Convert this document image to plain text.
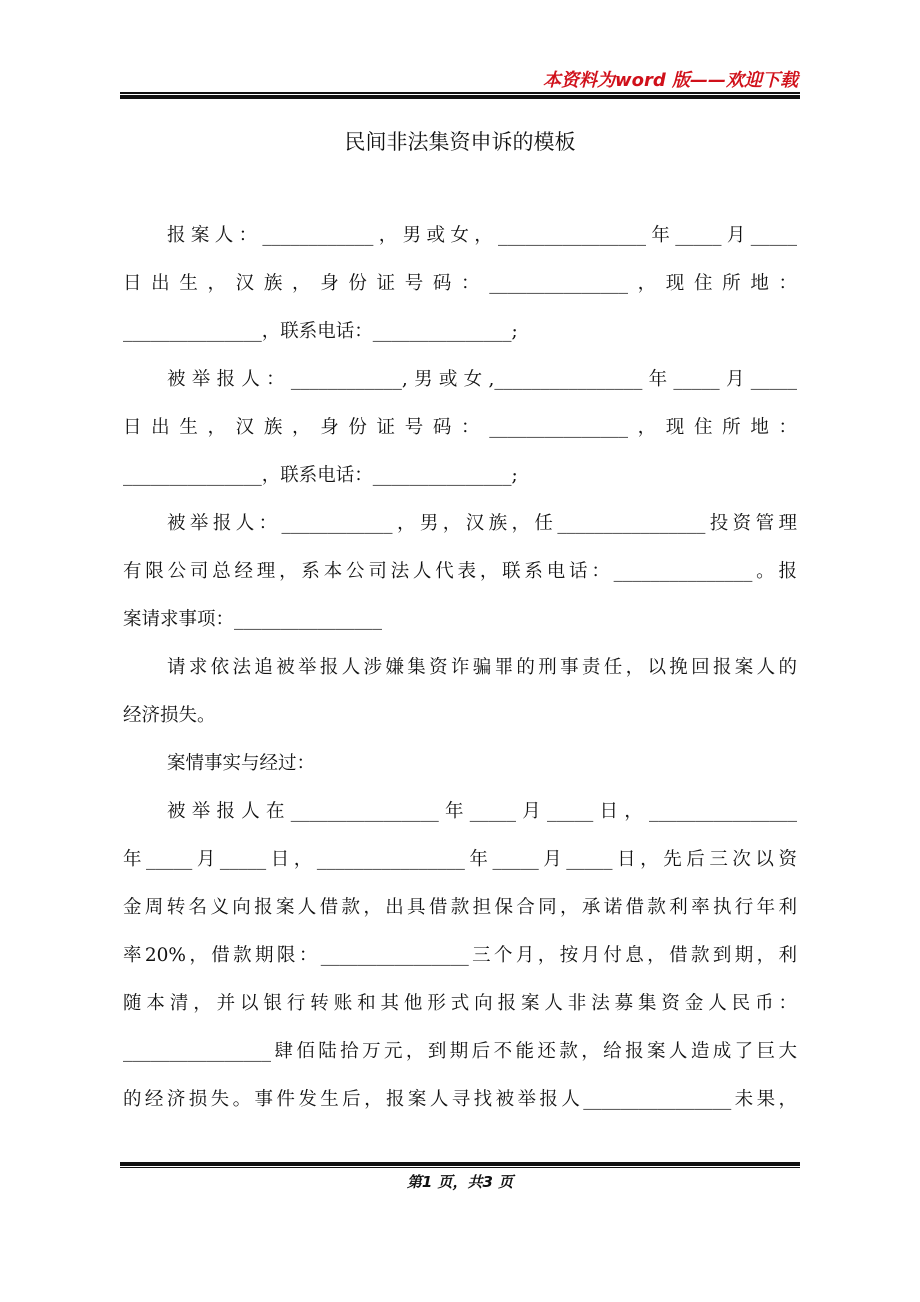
本资料为word 版——欢迎下载
民间非法集资申诉的模板
报案人：____________，男或女，________________年_____月_____
日出生，汉族，身份证号码：_______________，现住所地：
_______________，联系电话：_______________;
被举报人：____________,男或女,________________年_____月_____
日出生，汉族，身份证号码：_______________，现住所地：
_______________，联系电话：_______________;
被举报人：____________，男，汉族，任________________投资管理
有限公司总经理，系本公司法人代表，联系电话：_______________。报
案请求事项：________________
请求依法追被举报人涉嫌集资诈骗罪的刑事责任，以挽回报案人的
经济损失。
案情事实与经过：
被举报人在________________年_____月_____日，________________
年_____月_____日，________________年_____月_____日，先后三次以资
金周转名义向报案人借款，出具借款担保合同，承诺借款利率执行年利
率20%，借款期限：________________三个月，按月付息，借款到期，利
随本清，并以银行转账和其他形式向报案人非法募集资金人民币：
________________肆佰陆拾万元，到期后不能还款，给报案人造成了巨大
的经济损失。事件发生后，报案人寻找被举报人________________未果，
第1 页，共3 页
